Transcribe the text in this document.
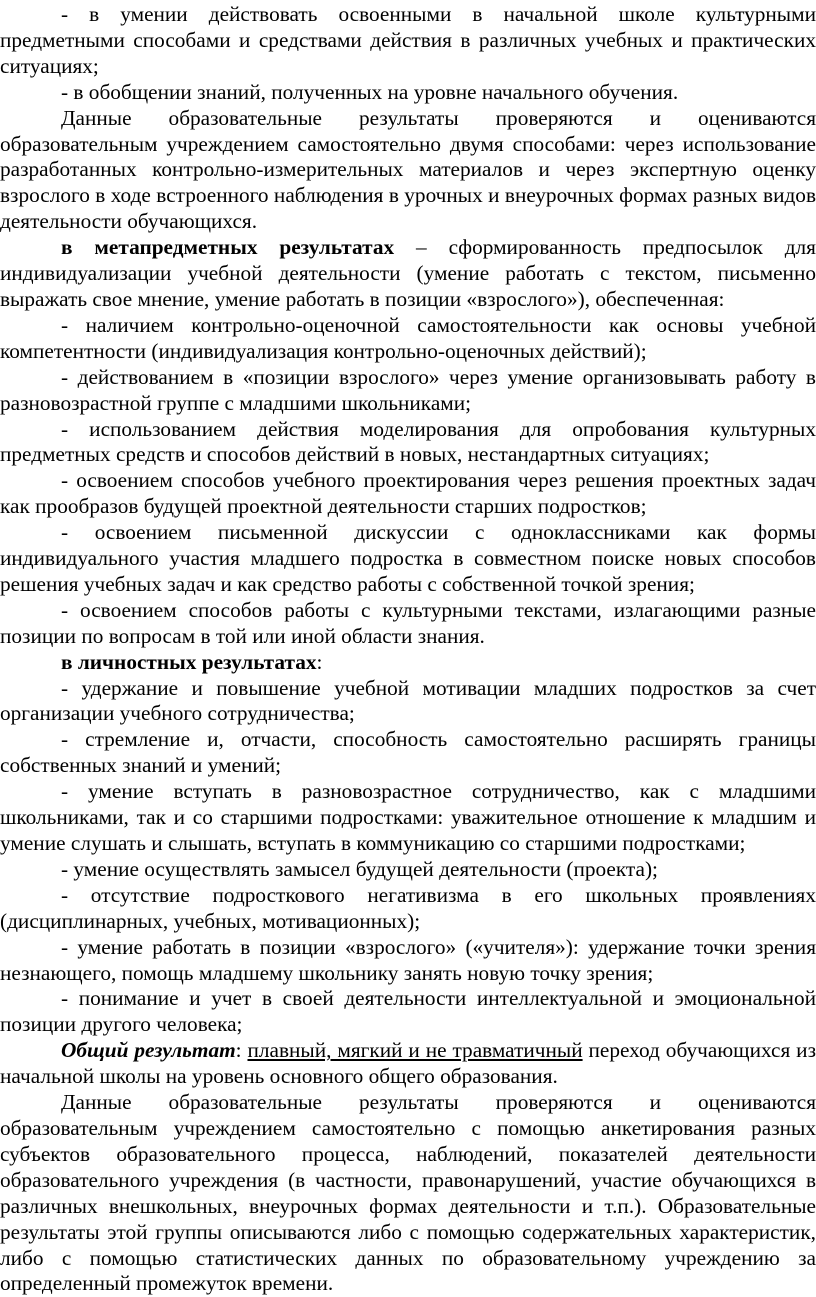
- в умении действовать освоенными в начальной школе культурными предметными способами и средствами действия в различных учебных и практических ситуациях;

- в обобщении знаний, полученных на уровне начального обучения.

Данные образовательные результаты проверяются и оцениваются образовательным учреждением самостоятельно двумя способами: через использование разработанных контрольно-измерительных материалов и через экспертную оценку взрослого в ходе встроенного наблюдения в урочных и внеурочных формах разных видов деятельности обучающихся.

в метапредметных результатах – сформированность предпосылок для индивидуализации учебной деятельности (умение работать с текстом, письменно выражать свое мнение, умение работать в позиции «взрослого»), обеспеченная:

- наличием контрольно-оценочной самостоятельности как основы учебной компетентности (индивидуализация контрольно-оценочных действий);

- действованием в «позиции взрослого» через умение организовывать работу в разновозрастной группе с младшими школьниками;

- использованием действия моделирования для опробования культурных предметных средств и способов действий в новых, нестандартных ситуациях;

- освоением способов учебного проектирования через решения проектных задач как прообразов будущей проектной деятельности старших подростков;

- освоением письменной дискуссии с одноклассниками как формы индивидуального участия младшего подростка в совместном поиске новых способов решения учебных задач и как средство работы с собственной точкой зрения;

- освоением способов работы с культурными текстами, излагающими разные позиции по вопросам в той или иной области знания.

в личностных результатах:

- удержание и повышение учебной мотивации младших подростков за счет организации учебного сотрудничества;

- стремление и, отчасти, способность самостоятельно расширять границы собственных знаний и умений;

- умение вступать в разновозрастное сотрудничество, как с младшими школьниками, так и со старшими подростками: уважительное отношение к младшим и умение слушать и слышать, вступать в коммуникацию со старшими подростками;

- умение осуществлять замысел будущей деятельности (проекта);

- отсутствие подросткового негативизма в его школьных проявлениях (дисциплинарных, учебных, мотивационных);

- умение работать в позиции «взрослого» («учителя»): удержание точки зрения незнающего, помощь младшему школьнику занять новую точку зрения;

- понимание и учет в своей деятельности интеллектуальной и эмоциональной позиции другого человека;

Общий результат: плавный, мягкий и не травматичный переход обучающихся из начальной школы на уровень основного общего образования.

Данные образовательные результаты проверяются и оцениваются образовательным учреждением самостоятельно с помощью анкетирования разных субъектов образовательного процесса, наблюдений, показателей деятельности образовательного учреждения (в частности, правонарушений, участие обучающихся в различных внешкольных, внеурочных формах деятельности и т.п.). Образовательные результаты этой группы описываются либо с помощью содержательных характеристик, либо с помощью статистических данных по образовательному учреждению за определенный промежуток времени.
